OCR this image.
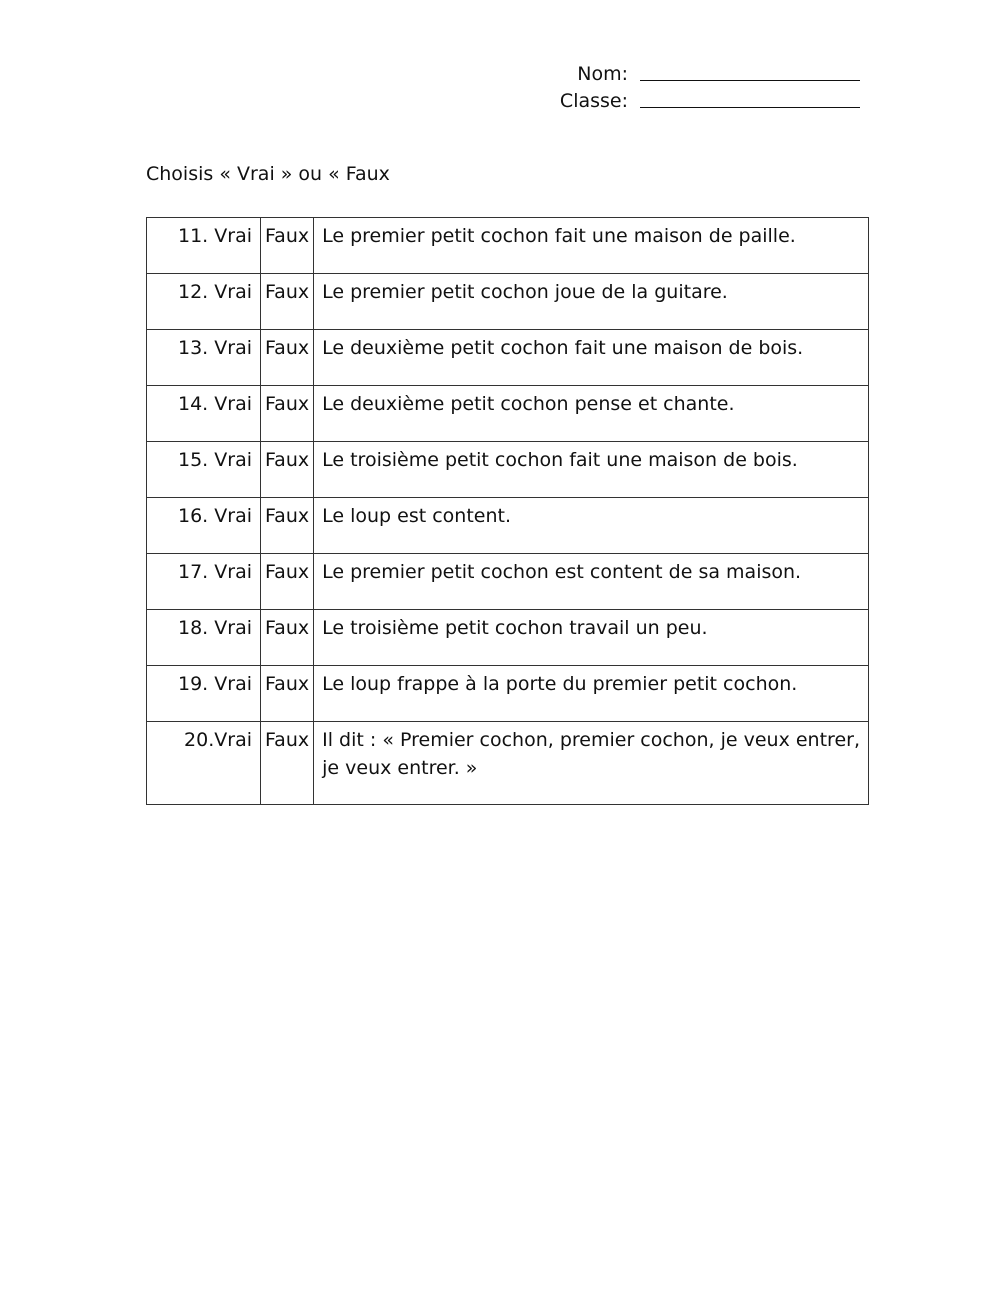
Nom:
Classe:
Choisis « Vrai » ou « Faux
11. Vrai	Faux	Le premier petit cochon fait une maison de paille.
12. Vrai	Faux	Le premier petit cochon joue de la guitare.
13. Vrai	Faux	Le deuxième petit cochon fait une maison de bois.
14. Vrai	Faux	Le deuxième petit cochon pense et chante.
15. Vrai	Faux	Le troisième petit cochon fait une maison de bois.
16. Vrai	Faux	Le loup est content.
17. Vrai	Faux	Le premier petit cochon est content de sa maison.
18. Vrai	Faux	Le troisième petit cochon travail un peu.
19. Vrai	Faux	Le loup frappe à la porte du premier petit cochon.
20.Vrai	Faux	Il dit : « Premier cochon, premier cochon, je veux entrer, je veux entrer. »
